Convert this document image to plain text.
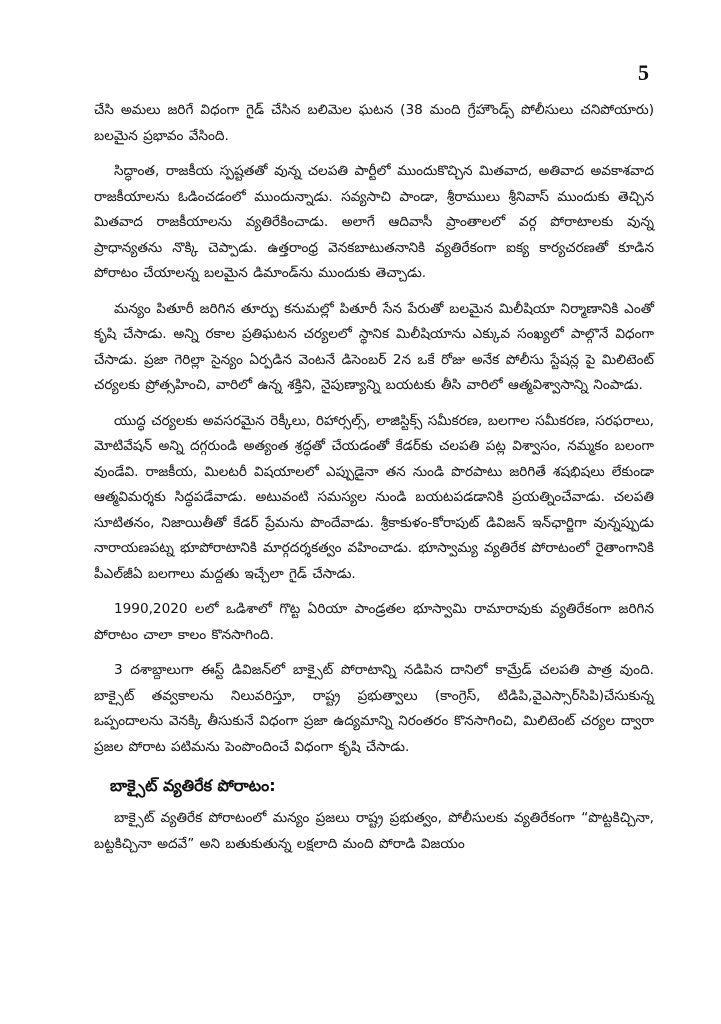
5

చేసి అమలు జరిగే విధంగా గైడ్ చేసిన బలిమెల ఘటన (38 మంది గ్రేహౌండ్స్ పోలీసులు చనిపోయారు) బలమైన ప్రభావం వేసింది.

సిద్ధాంత, రాజకీయ స్పష్టతతో వున్న చలపతి పార్టీలో ముందుకొచ్చిన మితవాద, అతివాద అవకాశవాద రాజకీయాలను ఓడించడంలో ముందున్నాడు. సవ్యసాచి పాండా, శ్రీరాములు శ్రీనివాస్ ముందుకు తెచ్చిన మితవాద రాజకీయాలను వ్యతిరేకించాడు. అలాగే ఆదివాసీ ప్రాంతాలలో వర్గ పోరాటాలకు వున్న ప్రాధాన్యతను నొక్కి చెప్పాడు. ఉత్తరాంధ్ర వెనకబాటుతనానికి వ్యతిరేకంగా ఐక్య కార్యచరణతో కూడిన పోరాటం చేయాలన్న బలమైన డిమాండ్‌ను ముందుకు తెచ్చాడు.

మన్యం పితూరీ జరిగిన తూర్పు కనుమల్లో పితూరీ సేన పేరుతో బలమైన మిలీషియా నిర్మాణానికి ఎంతో కృషి చేసాడు. అన్ని రకాల ప్రతిఘటన చర్యలలో స్థానిక మిలీషియాను ఎక్కువ సంఖ్యలో పాల్గొనే విధంగా చేసాడు. ప్రజా గెరిల్లా సైన్యం ఏర్పడిన వెంటనే డిసెంబర్ 2న ఒకే రోజు అనేక పోలీసు స్టేషన్ల పై మిలిటెంట్ చర్యలకు ప్రోత్సహించి, వారిలో ఉన్న శక్తిని, నైపుణ్యాన్ని బయటకు తీసి వారిలో ఆత్మవిశ్వాసాన్ని నింపాడు.

యుద్ధ చర్యలకు అవసరమైన రెక్కీలు, రిహార్సల్స్, లాజిస్టిక్స్ సమీకరణ, బలగాల సమీకరణ, సరఫరాలు, మోటివేషన్ అన్ని దగ్గరుండి అత్యంత శ్రద్ధతో చేయడంతో కేడర్‌కు చలపతి పట్ల విశ్వాసం, నమ్మకం బలంగా వుండేవి. రాజకీయ, మిలటరీ విషయాలలో ఎప్పుడైనా తన నుండి పొరపాటు జరిగితే శషభిషలు లేకుండా ఆత్మవిమర్శకు సిద్ధపడేవాడు. అటువంటి సమస్యల నుండి బయటపడడానికి ప్రయత్నించేవాడు. చలపతి సూటితనం, నిజాయితీతో కేడర్ ప్రేమను పొందేవాడు. శ్రీకాకుళం-కోరాపుట్ డివిజన్ ఇన్‌ఛార్జిగా వున్నప్పుడు నారాయణపట్న భూపోరాటానికి మార్గదర్శకత్వం వహించాడు. భూస్వామ్య వ్యతిరేక పోరాటంలో రైతాంగానికి పీఎల్‌జీఏ బలగాలు మద్దతు ఇచ్చేలా గైడ్ చేసాడు.

1990,2020 లలో ఒడిశాలో గొట్ట ఏరియా పాండ్రతల భూస్వామి రామారావుకు వ్యతిరేకంగా జరిగిన పోరాటం చాలా కాలం కొనసాగింది.

3 దశాబ్దాలుగా ఈస్ట్ డివిజన్‌లో బాక్సైట్ పోరాటాన్ని నడిపిన దానిలో కామ్రేడ్ చలపతి పాత్ర వుంది. బాక్సైట్ తవ్వకాలను నిలువరిస్తూ, రాష్ట్ర ప్రభుత్వాలు (కాంగ్రెస్, టిడిపి,వైఎస్సార్‌సిపి)చేసుకున్న ఒప్పందాలను వెనక్కి తీసుకునే విధంగా ప్రజా ఉద్యమాన్ని నిరంతరం కొనసాగించి, మిలిటెంట్ చర్యల ద్వారా ప్రజల పోరాట పటిమను పెంపొందించే విధంగా కృషి చేసాడు.

బాక్సైట్ వ్యతిరేక పోరాటం:

బాక్సైట్ వ్యతిరేక పోరాటంలో మన్యం ప్రజలు రాష్ట్ర ప్రభుత్వం, పోలీసులకు వ్యతిరేకంగా “పొట్టకిచ్చినా, బట్టకిచ్చినా అదవే” అని బతుకుతున్న లక్షలాది మంది పోరాడి విజయం
